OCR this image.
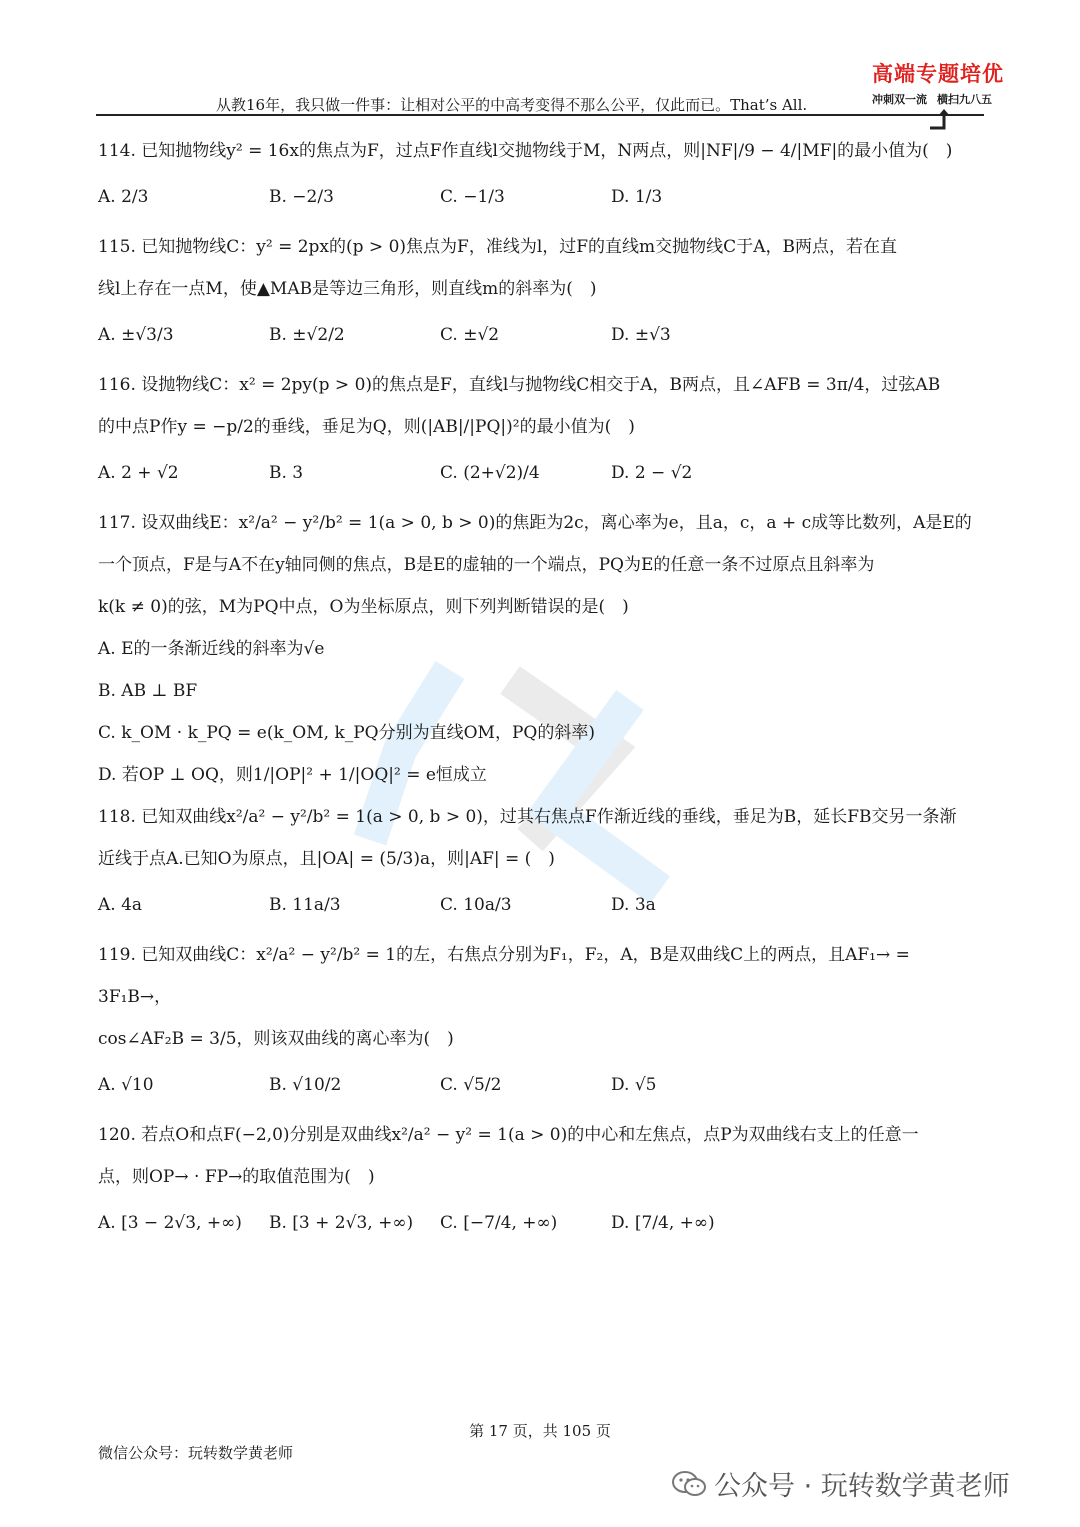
从教16年，我只做一件事：让相对公平的中高考变得不那么公平，仅此而已。That’s All.
高端专题培优
冲刺双一流 横扫九八五
114. 已知抛物线y² = 16x的焦点为F，过点F作直线l交抛物线于M，N两点，则|NF|/9 − 4/|MF|的最小值为(　)
A. 2/3	B. −2/3	C. −1/3	D. 1/3
115. 已知抛物线C：y² = 2px的(p > 0)焦点为F，准线为l，过F的直线m交抛物线C于A，B两点，若在直
线l上存在一点M，使▲MAB是等边三角形，则直线m的斜率为(　)
A. ±√3/3	B. ±√2/2	C. ±√2	D. ±√3
116. 设抛物线C：x² = 2py(p > 0)的焦点是F，直线l与抛物线C相交于A，B两点，且∠AFB = 3π/4，过弦AB
的中点P作y = −p/2的垂线，垂足为Q，则(|AB|/|PQ|)²的最小值为(　)
A. 2 + √2	B. 3	C. (2+√2)/4	D. 2 − √2
117. 设双曲线E：x²/a² − y²/b² = 1(a > 0, b > 0)的焦距为2c，离心率为e，且a，c，a + c成等比数列，A是E的
一个顶点，F是与A不在y轴同侧的焦点，B是E的虚轴的一个端点，PQ为E的任意一条不过原点且斜率为
k(k ≠ 0)的弦，M为PQ中点，O为坐标原点，则下列判断错误的是(　)
A. E的一条渐近线的斜率为√e
B. AB ⊥ BF
C. k_OM · k_PQ = e(k_OM, k_PQ分别为直线OM，PQ的斜率)
D. 若OP ⊥ OQ，则1/|OP|² + 1/|OQ|² = e恒成立
118. 已知双曲线x²/a² − y²/b² = 1(a > 0, b > 0)，过其右焦点F作渐近线的垂线，垂足为B，延长FB交另一条渐
近线于点A.已知O为原点，且|OA| = (5/3)a，则|AF| = (　)
A. 4a	B. 11a/3	C. 10a/3	D. 3a
119. 已知双曲线C：x²/a² − y²/b² = 1的左，右焦点分别为F₁，F₂，A，B是双曲线C上的两点，且AF₁→ = 3F₁B→，
cos∠AF₂B = 3/5，则该双曲线的离心率为(　)
A. √10	B. √10/2	C. √5/2	D. √5
120. 若点O和点F(−2,0)分别是双曲线x²/a² − y² = 1(a > 0)的中心和左焦点，点P为双曲线右支上的任意一
点，则OP→ · FP→的取值范围为(　)
A. [3 − 2√3, +∞)	B. [3 + 2√3, +∞)	C. [−7/4, +∞)	D. [7/4, +∞)
第 17 页，共 105 页
微信公众号：玩转数学黄老师
公众号 · 玩转数学黄老师
